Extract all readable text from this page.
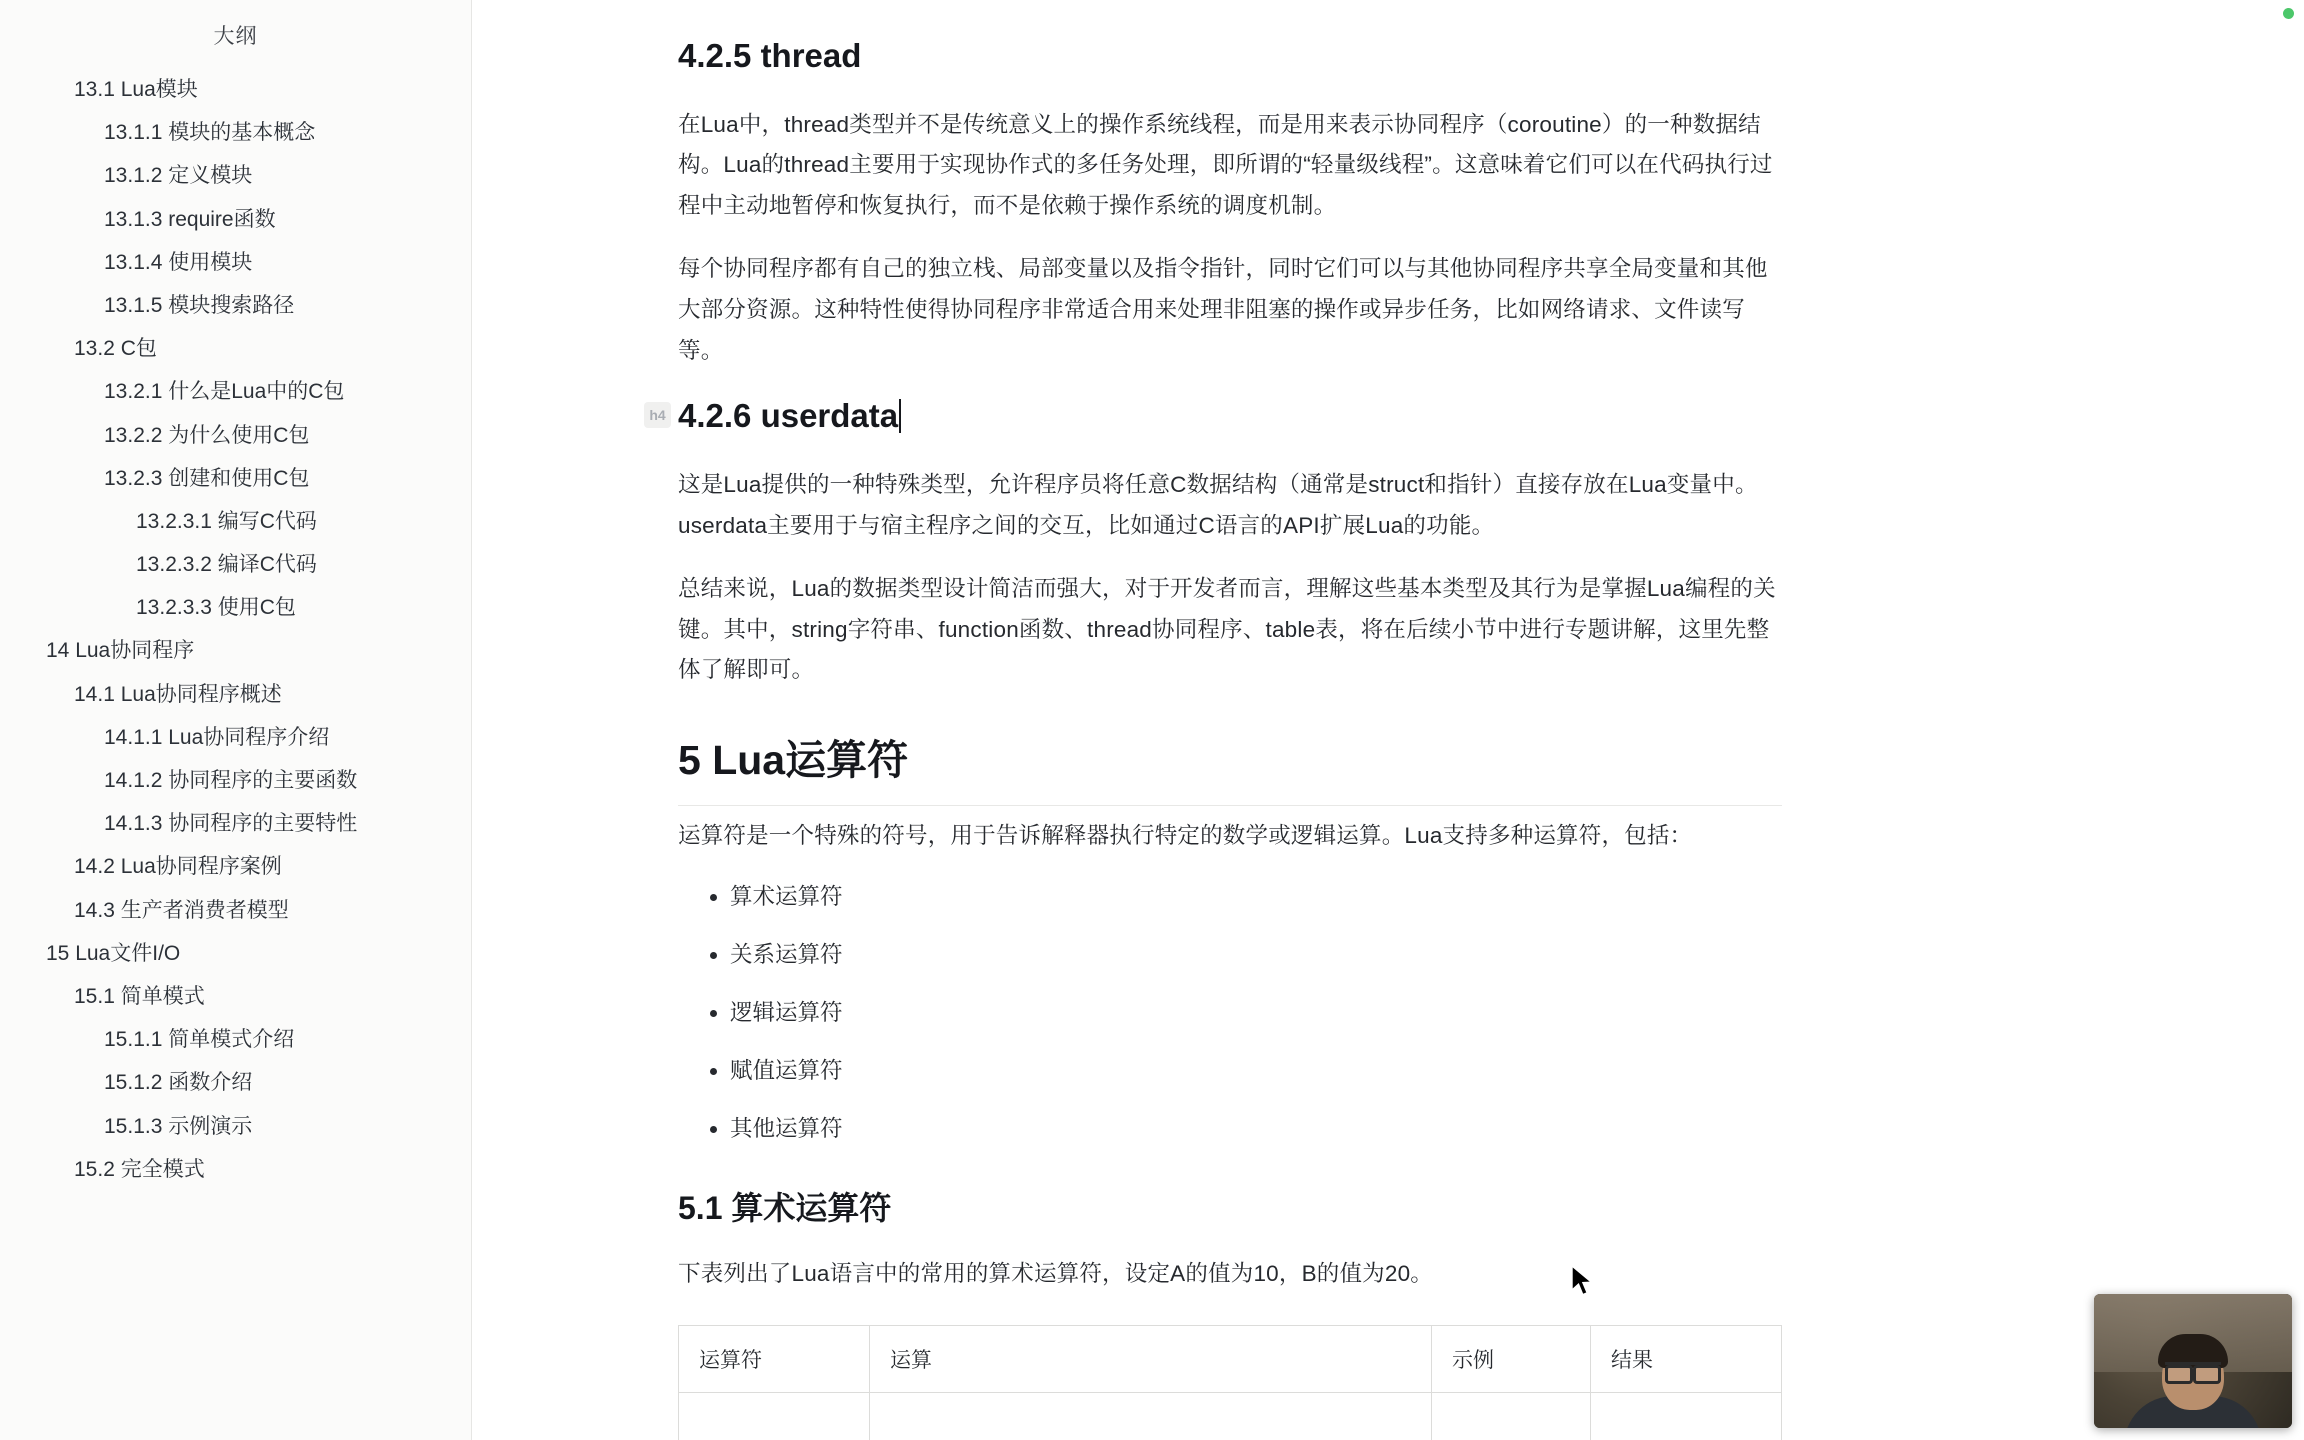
大纲
13.1 Lua模块
13.1.1 模块的基本概念
13.1.2 定义模块
13.1.3 require函数
13.1.4 使用模块
13.1.5 模块搜索路径
13.2 C包
13.2.1 什么是Lua中的C包
13.2.2 为什么使用C包
13.2.3 创建和使用C包
13.2.3.1 编写C代码
13.2.3.2 编译C代码
13.2.3.3 使用C包
14 Lua协同程序
14.1 Lua协同程序概述
14.1.1 Lua协同程序介绍
14.1.2 协同程序的主要函数
14.1.3 协同程序的主要特性
14.2 Lua协同程序案例
14.3 生产者消费者模型
15 Lua文件I/O
15.1 简单模式
15.1.1 简单模式介绍
15.1.2 函数介绍
15.1.3 示例演示
15.2 完全模式
4.2.5 thread

在Lua中，thread类型并不是传统意义上的操作系统线程，而是用来表示协同程序（coroutine）的一种数据结构。Lua的thread主要用于实现协作式的多任务处理，即所谓的“轻量级线程”。这意味着它们可以在代码执行过程中主动地暂停和恢复执行，而不是依赖于操作系统的调度机制。

每个协同程序都有自己的独立栈、局部变量以及指令指针，同时它们可以与其他协同程序共享全局变量和其他大部分资源。这种特性使得协同程序非常适合用来处理非阻塞的操作或异步任务，比如网络请求、文件读写等。

h4 4.2.6 userdata

这是Lua提供的一种特殊类型，允许程序员将任意C数据结构（通常是struct和指针）直接存放在Lua变量中。userdata主要用于与宿主程序之间的交互，比如通过C语言的API扩展Lua的功能。

总结来说，Lua的数据类型设计简洁而强大，对于开发者而言，理解这些基本类型及其行为是掌握Lua编程的关键。其中，string字符串、function函数、thread协同程序、table表，将在后续小节中进行专题讲解，这里先整体了解即可。

5 Lua运算符

运算符是一个特殊的符号，用于告诉解释器执行特定的数学或逻辑运算。Lua支持多种运算符，包括：

• 算术运算符
• 关系运算符
• 逻辑运算符
• 赋值运算符
• 其他运算符
5.1 算术运算符

下表列出了Lua语言中的常用的算术运算符，设定A的值为10，B的值为20。

运算符	运算	示例	结果
